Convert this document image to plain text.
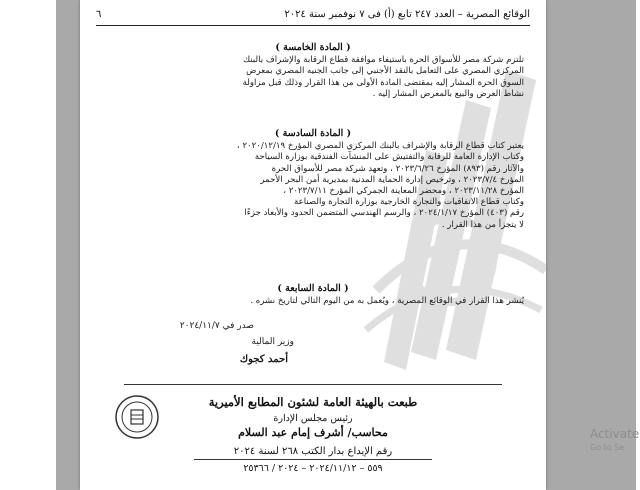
الوقائع المصرية – العدد ٢٤٧ تابع (أ) فى ٧ نوفمبر سنة ٢٠٢٤
٦
( المادة الخامسة )

تلتزم شركة مصر للأسواق الحرة باستيفاء موافقة قطاع الرقابة والإشراف بالبنك

المركزي المصري على التعامل بالنقد الأجنبي إلى جانب الجنيه المصري بمعرض

السوق الحرة المشار إليه بمقتضى المادة الأولى من هذا القرار وذلك قبل مزاولة

نشاط العرض والبيع بالمعرض المشار إليه .

( المادة السادسة )

يعتبر كتاب قطاع الرقابة والإشراف بالبنك المركزي المصري المؤرخ ٢٠٢٠/١٢/١٩ ،

وكتاب الإدارة العامة للرقابة والتفتيش على المنشآت الفندقية بوزارة السياحة

والآثار رقم (٨٩٣) المؤرخ ٢٠٢٣/٦/٢٦ ، وتعهد شركة مصر للأسواق الحرة

المؤرخ ٢٠٢٣/٧/٤ ، وترخيص إدارة الحماية المدنية بمديرية أمن البحر الأحمر

المؤرخ ٢٠٢٣/١١/٢٨ ، ومحضر المعاينة الجمركي المؤرخ ٢٠٢٣/٧/١١ ،

وكتاب قطاع الاتفاقيات والتجارة الخارجية بوزارة التجارة والصناعة

رقم (٤٠٣) المؤرخ ٢٠٢٤/١/١٧ ، والرسم الهندسي المتضمن الحدود والأبعاد جزءًا

لا يتجزأ من هذا القرار .

( المادة السابعة )

يُنشر هذا القرار في الوقائع المصرية ، ويُعمل به من اليوم التالي لتاريخ نشره .

صدر في ٢٠٢٤/١١/٧
وزير المالية
أحمد كجوك
طبعت بالهيئة العامة لشئون المطابع الأميرية
رئيس مجلس الإدارة
محاسب/ أشرف إمام عبد السلام
رقم الإيداع بدار الكتب ٢٦٨ لسنة ٢٠٢٤
٥٥٩ – ٢٠٢٤/١١/١٢ – ٢٠٢٤ / ٢٥٣٦٦
Activate
Go to Se
